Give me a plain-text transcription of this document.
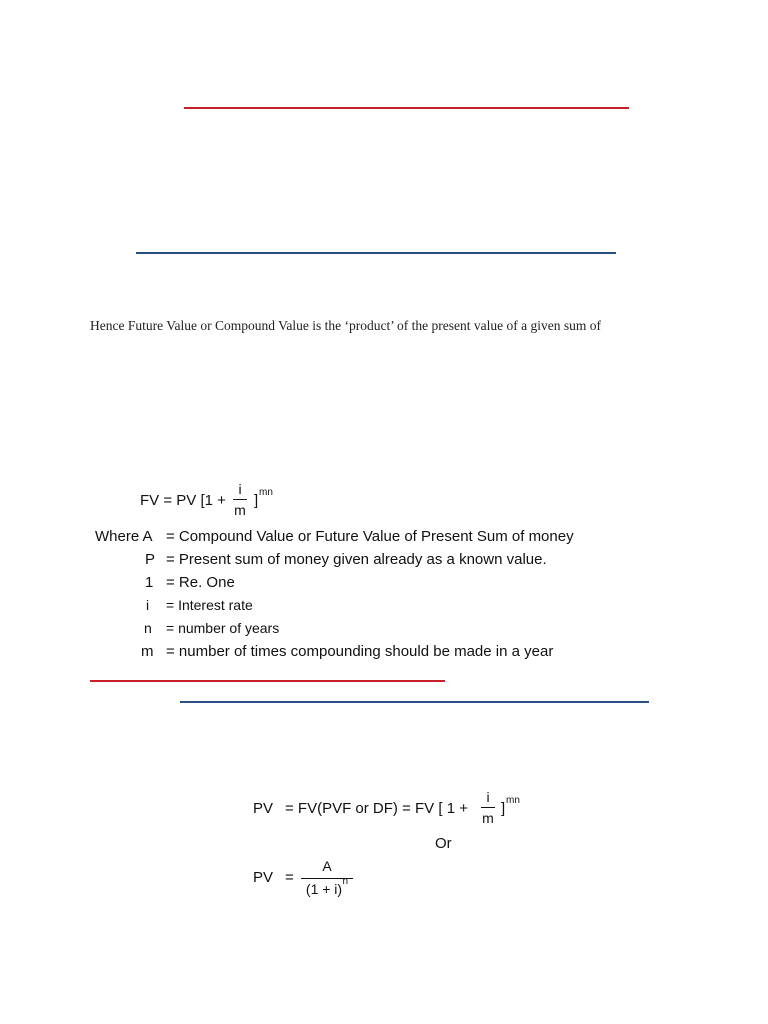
Hence Future Value or Compound Value is the ‘product’ of the present value of a given sum of
FV = PV [1 +
i
m
] mn
Where A = Compound Value or Future Value of Present Sum of money
P = Present sum of money given already as a known value.
1 = Re. One
i = Interest rate
n = number of years
m = number of times compounding should be made in a year
PV = FV(PVF or DF) = FV [ 1 +
i
m
] mn
Or
PV =
A
(1 + i) n
